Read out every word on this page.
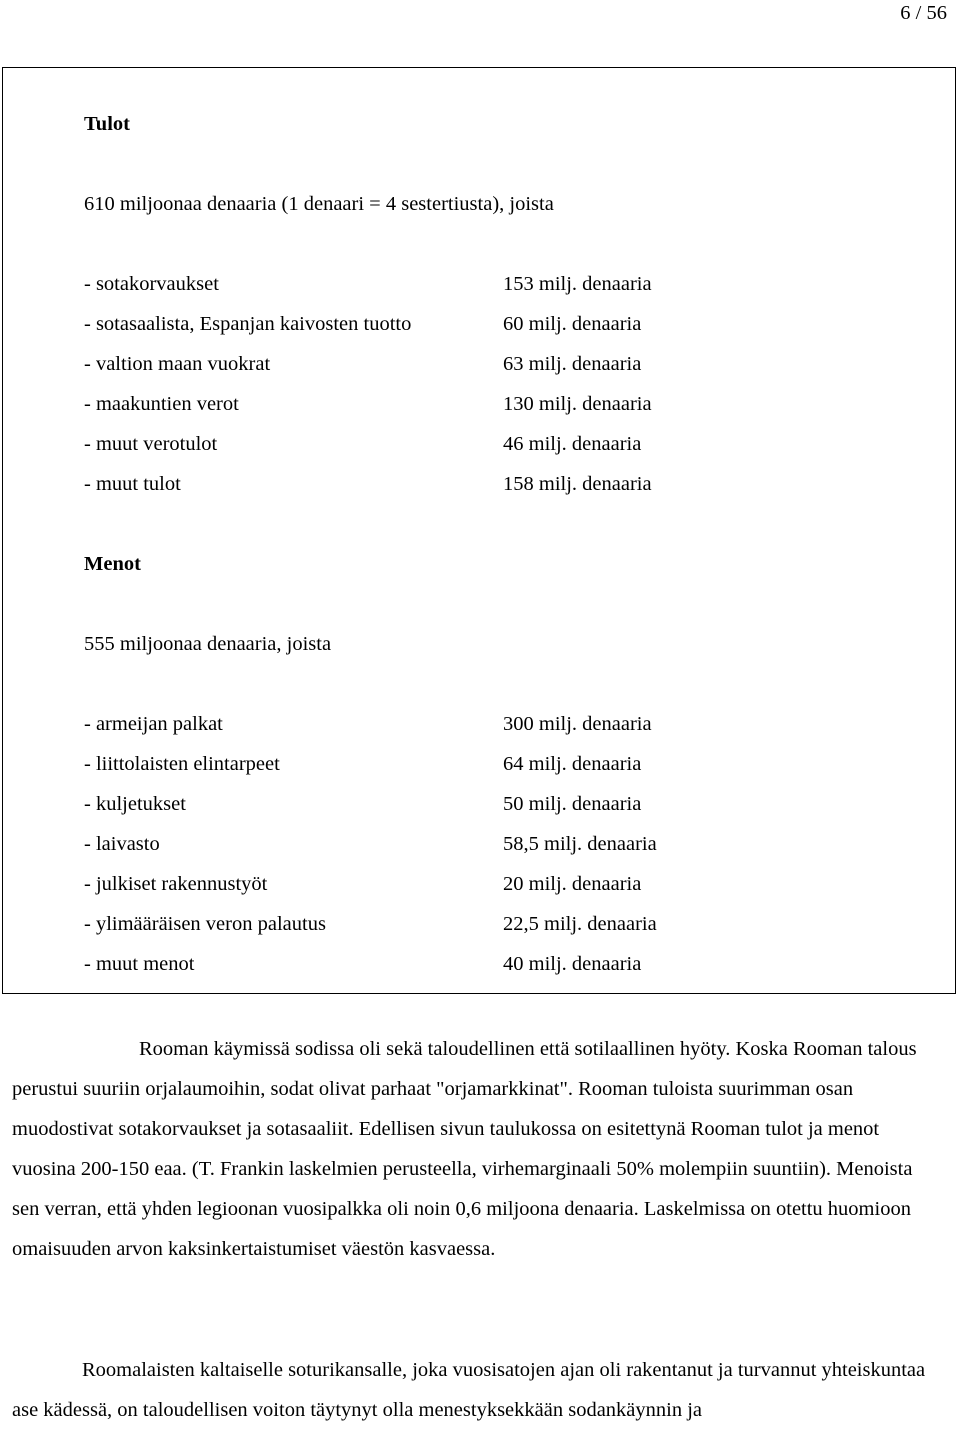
6 / 56
Tulot
610 miljoonaa denaaria (1 denaari = 4 sestertiusta), joista
- sotakorvaukset	153 milj. denaaria
- sotasaalista, Espanjan kaivosten tuotto	60 milj. denaaria
- valtion maan vuokrat	63 milj. denaaria
- maakuntien verot	130 milj. denaaria
- muut verotulot	46 milj. denaaria
- muut tulot	158 milj. denaaria
Menot
555 miljoonaa denaaria, joista
- armeijan palkat	300 milj. denaaria
- liittolaisten elintarpeet	64 milj. denaaria
- kuljetukset	50 milj. denaaria
- laivasto	58,5 milj. denaaria
- julkiset rakennustyöt	20 milj. denaaria
- ylimääräisen veron palautus	22,5 milj. denaaria
- muut menot	40 milj. denaaria
Rooman käymissä sodissa oli sekä taloudellinen että sotilaallinen hyöty. Koska Rooman talous perustui suuriin orjalaumoihin, sodat olivat parhaat "orjamarkkinat". Rooman tuloista suurimman osan muodostivat sotakorvaukset ja sotasaaliit. Edellisen sivun taulukossa on esitettynä Rooman tulot ja menot vuosina 200-150 eaa. (T. Frankin laskelmien perusteella, virhemarginaali 50% molempiin suuntiin). Menoista sen verran, että yhden legioonan vuosipalkka oli noin 0,6 miljoona denaaria. Laskelmissa on otettu huomioon omaisuuden arvon kaksinkertaistumiset väestön kasvaessa.
Roomalaisten kaltaiselle soturikansalle, joka vuosisatojen ajan oli rakentanut ja turvannut yhteiskuntaa ase kädessä, on taloudellisen voiton täytynyt olla menestyksekkään sodankäynnin ja
